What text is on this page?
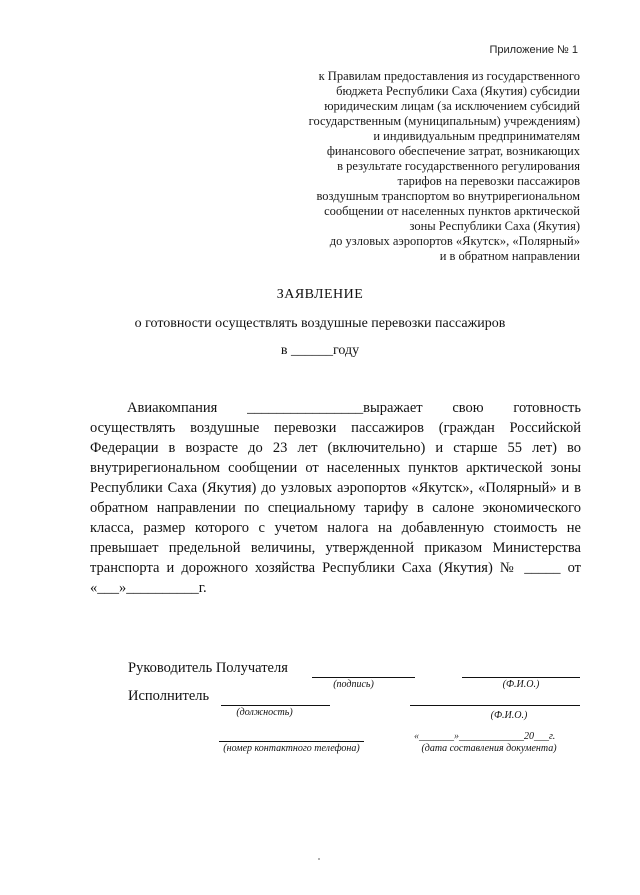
Приложение № 1
к Правилам предоставления из государственного
бюджета Республики Саха (Якутия) субсидии
юридическим лицам (за исключением субсидий
государственным (муниципальным) учреждениям)
и индивидуальным предпринимателям
финансового обеспечение затрат, возникающих
в результате государственного регулирования
тарифов на перевозки пассажиров
воздушным транспортом во внутрирегиональном
сообщении от населенных пунктов арктической
зоны Республики Саха (Якутия)
до узловых аэропортов «Якутск», «Полярный»
и в обратном направлении
ЗАЯВЛЕНИЕ
о готовности осуществлять воздушные перевозки пассажиров
в ______году

Авиакомпания ________________выражает свою готовность осуществлять воздушные перевозки пассажиров (граждан Российской Федерации в возрасте до 23 лет (включительно) и старше 55 лет) во внутрирегиональном сообщении от населенных пунктов арктической зоны Республики Саха (Якутия) до узловых аэропортов «Якутск», «Полярный» и в обратном направлении по специальному тарифу в салоне экономического класса, размер которого с учетом налога на добавленную стоимость не превышает предельной величины, утвержденной приказом Министерства транспорта и дорожного хозяйства Республики Саха (Якутия) № _____ от «___»__________г.

Руководитель Получателя
(подпись)	(Ф.И.О.)
Исполнитель
(должность)	(Ф.И.О.)
«_______»_____________20___г.
(номер контактного телефона)	(дата составления документа)
